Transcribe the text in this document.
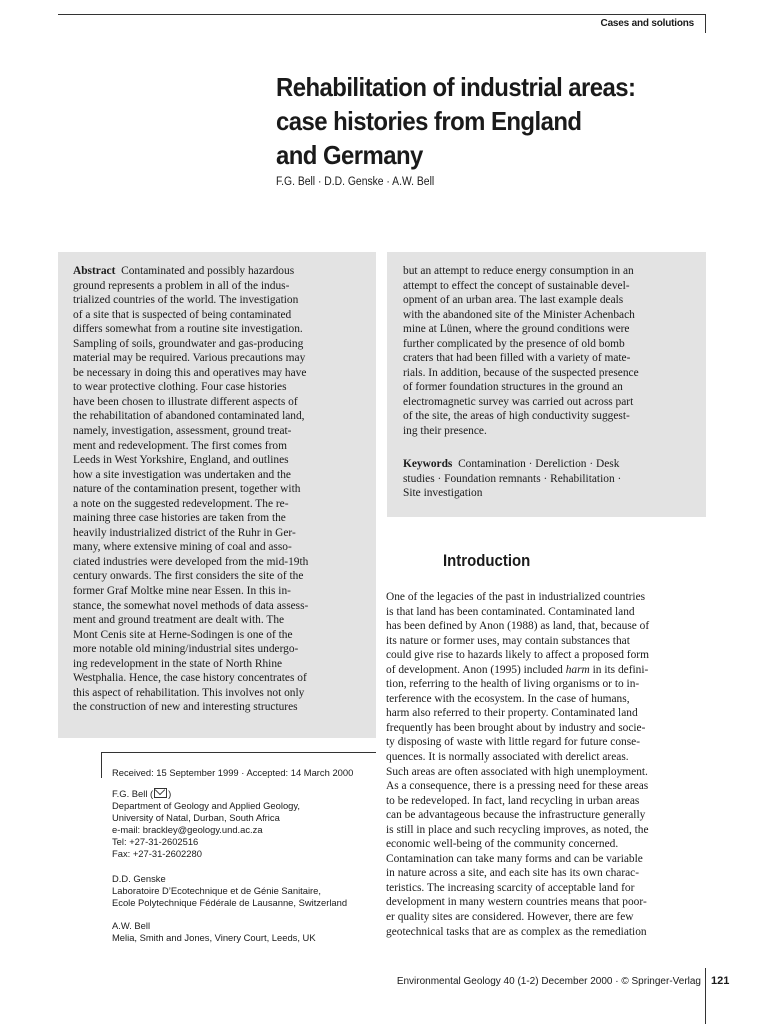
Cases and solutions
Rehabilitation of industrial areas:
case histories from England
and Germany
F.G. Bell · D.D. Genske · A.W. Bell
Abstract Contaminated and possibly hazardous
ground represents a problem in all of the indus-
trialized countries of the world. The investigation
of a site that is suspected of being contaminated
differs somewhat from a routine site investigation.
Sampling of soils, groundwater and gas-producing
material may be required. Various precautions may
be necessary in doing this and operatives may have
to wear protective clothing. Four case histories
have been chosen to illustrate different aspects of
the rehabilitation of abandoned contaminated land,
namely, investigation, assessment, ground treat-
ment and redevelopment. The first comes from
Leeds in West Yorkshire, England, and outlines
how a site investigation was undertaken and the
nature of the contamination present, together with
a note on the suggested redevelopment. The re-
maining three case histories are taken from the
heavily industrialized district of the Ruhr in Ger-
many, where extensive mining of coal and asso-
ciated industries were developed from the mid-19th
century onwards. The first considers the site of the
former Graf Moltke mine near Essen. In this in-
stance, the somewhat novel methods of data assess-
ment and ground treatment are dealt with. The
Mont Cenis site at Herne-Sodingen is one of the
more notable old mining/industrial sites undergo-
ing redevelopment in the state of North Rhine
Westphalia. Hence, the case history concentrates of
this aspect of rehabilitation. This involves not only
the construction of new and interesting structures
but an attempt to reduce energy consumption in an
attempt to effect the concept of sustainable devel-
opment of an urban area. The last example deals
with the abandoned site of the Minister Achenbach
mine at Lünen, where the ground conditions were
further complicated by the presence of old bomb
craters that had been filled with a variety of mate-
rials. In addition, because of the suspected presence
of former foundation structures in the ground an
electromagnetic survey was carried out across part
of the site, the areas of high conductivity suggest-
ing their presence.
Keywords Contamination · Dereliction · Desk
studies · Foundation remnants · Rehabilitation ·
Site investigation
Introduction
One of the legacies of the past in industrialized countries
is that land has been contaminated. Contaminated land
has been defined by Anon (1988) as land, that, because of
its nature or former uses, may contain substances that
could give rise to hazards likely to affect a proposed form
of development. Anon (1995) included harm in its defini-
tion, referring to the health of living organisms or to in-
terference with the ecosystem. In the case of humans,
harm also referred to their property. Contaminated land
frequently has been brought about by industry and socie-
ty disposing of waste with little regard for future conse-
quences. It is normally associated with derelict areas.
Such areas are often associated with high unemployment.
As a consequence, there is a pressing need for these areas
to be redeveloped. In fact, land recycling in urban areas
can be advantageous because the infrastructure generally
is still in place and such recycling improves, as noted, the
economic well-being of the community concerned.
Contamination can take many forms and can be variable
in nature across a site, and each site has its own charac-
teristics. The increasing scarcity of acceptable land for
development in many western countries means that poor-
er quality sites are considered. However, there are few
geotechnical tasks that are as complex as the remediation
Received: 15 September 1999 · Accepted: 14 March 2000
F.G. Bell ( )
Department of Geology and Applied Geology,
University of Natal, Durban, South Africa
e-mail: brackley@geology.und.ac.za
Tel: +27-31-2602516
Fax: +27-31-2602280
D.D. Genske
Laboratoire D’Ecotechnique et de Génie Sanitaire,
Ecole Polytechnique Fédérale de Lausanne, Switzerland
A.W. Bell
Melia, Smith and Jones, Vinery Court, Leeds, UK
Environmental Geology 40 (1-2) December 2000 · © Springer-Verlag 121
